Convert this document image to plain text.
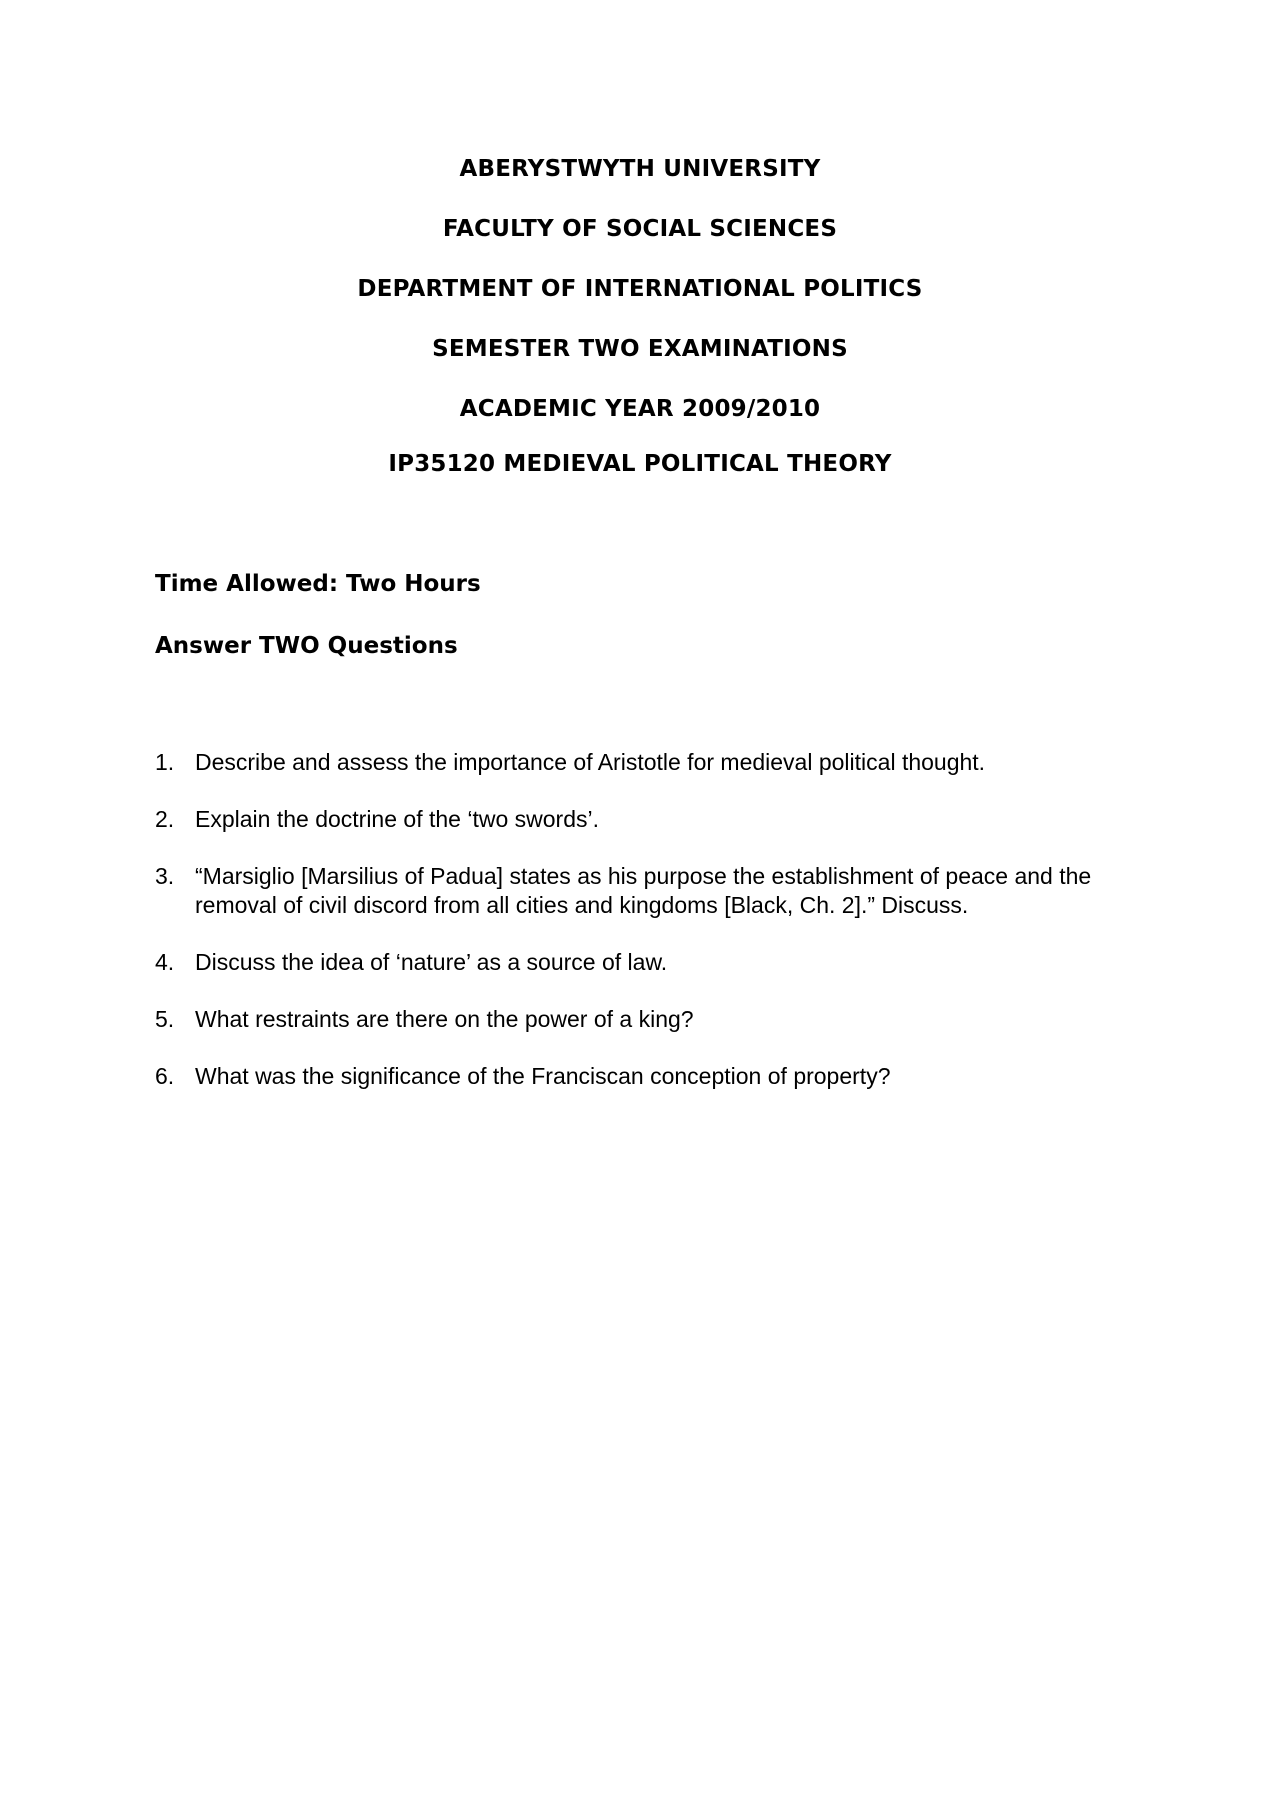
ABERYSTWYTH UNIVERSITY
FACULTY OF SOCIAL SCIENCES
DEPARTMENT OF INTERNATIONAL POLITICS
SEMESTER TWO EXAMINATIONS
ACADEMIC YEAR 2009/2010
IP35120 MEDIEVAL POLITICAL THEORY
Time Allowed: Two Hours
Answer TWO Questions
1. Describe and assess the importance of Aristotle for medieval political thought.
2. Explain the doctrine of the ‘two swords’.
3. “Marsiglio [Marsilius of Padua] states as his purpose the establishment of peace and the removal of civil discord from all cities and kingdoms [Black, Ch. 2].” Discuss.
4. Discuss the idea of ‘nature’ as a source of law.
5. What restraints are there on the power of a king?
6. What was the significance of the Franciscan conception of property?
